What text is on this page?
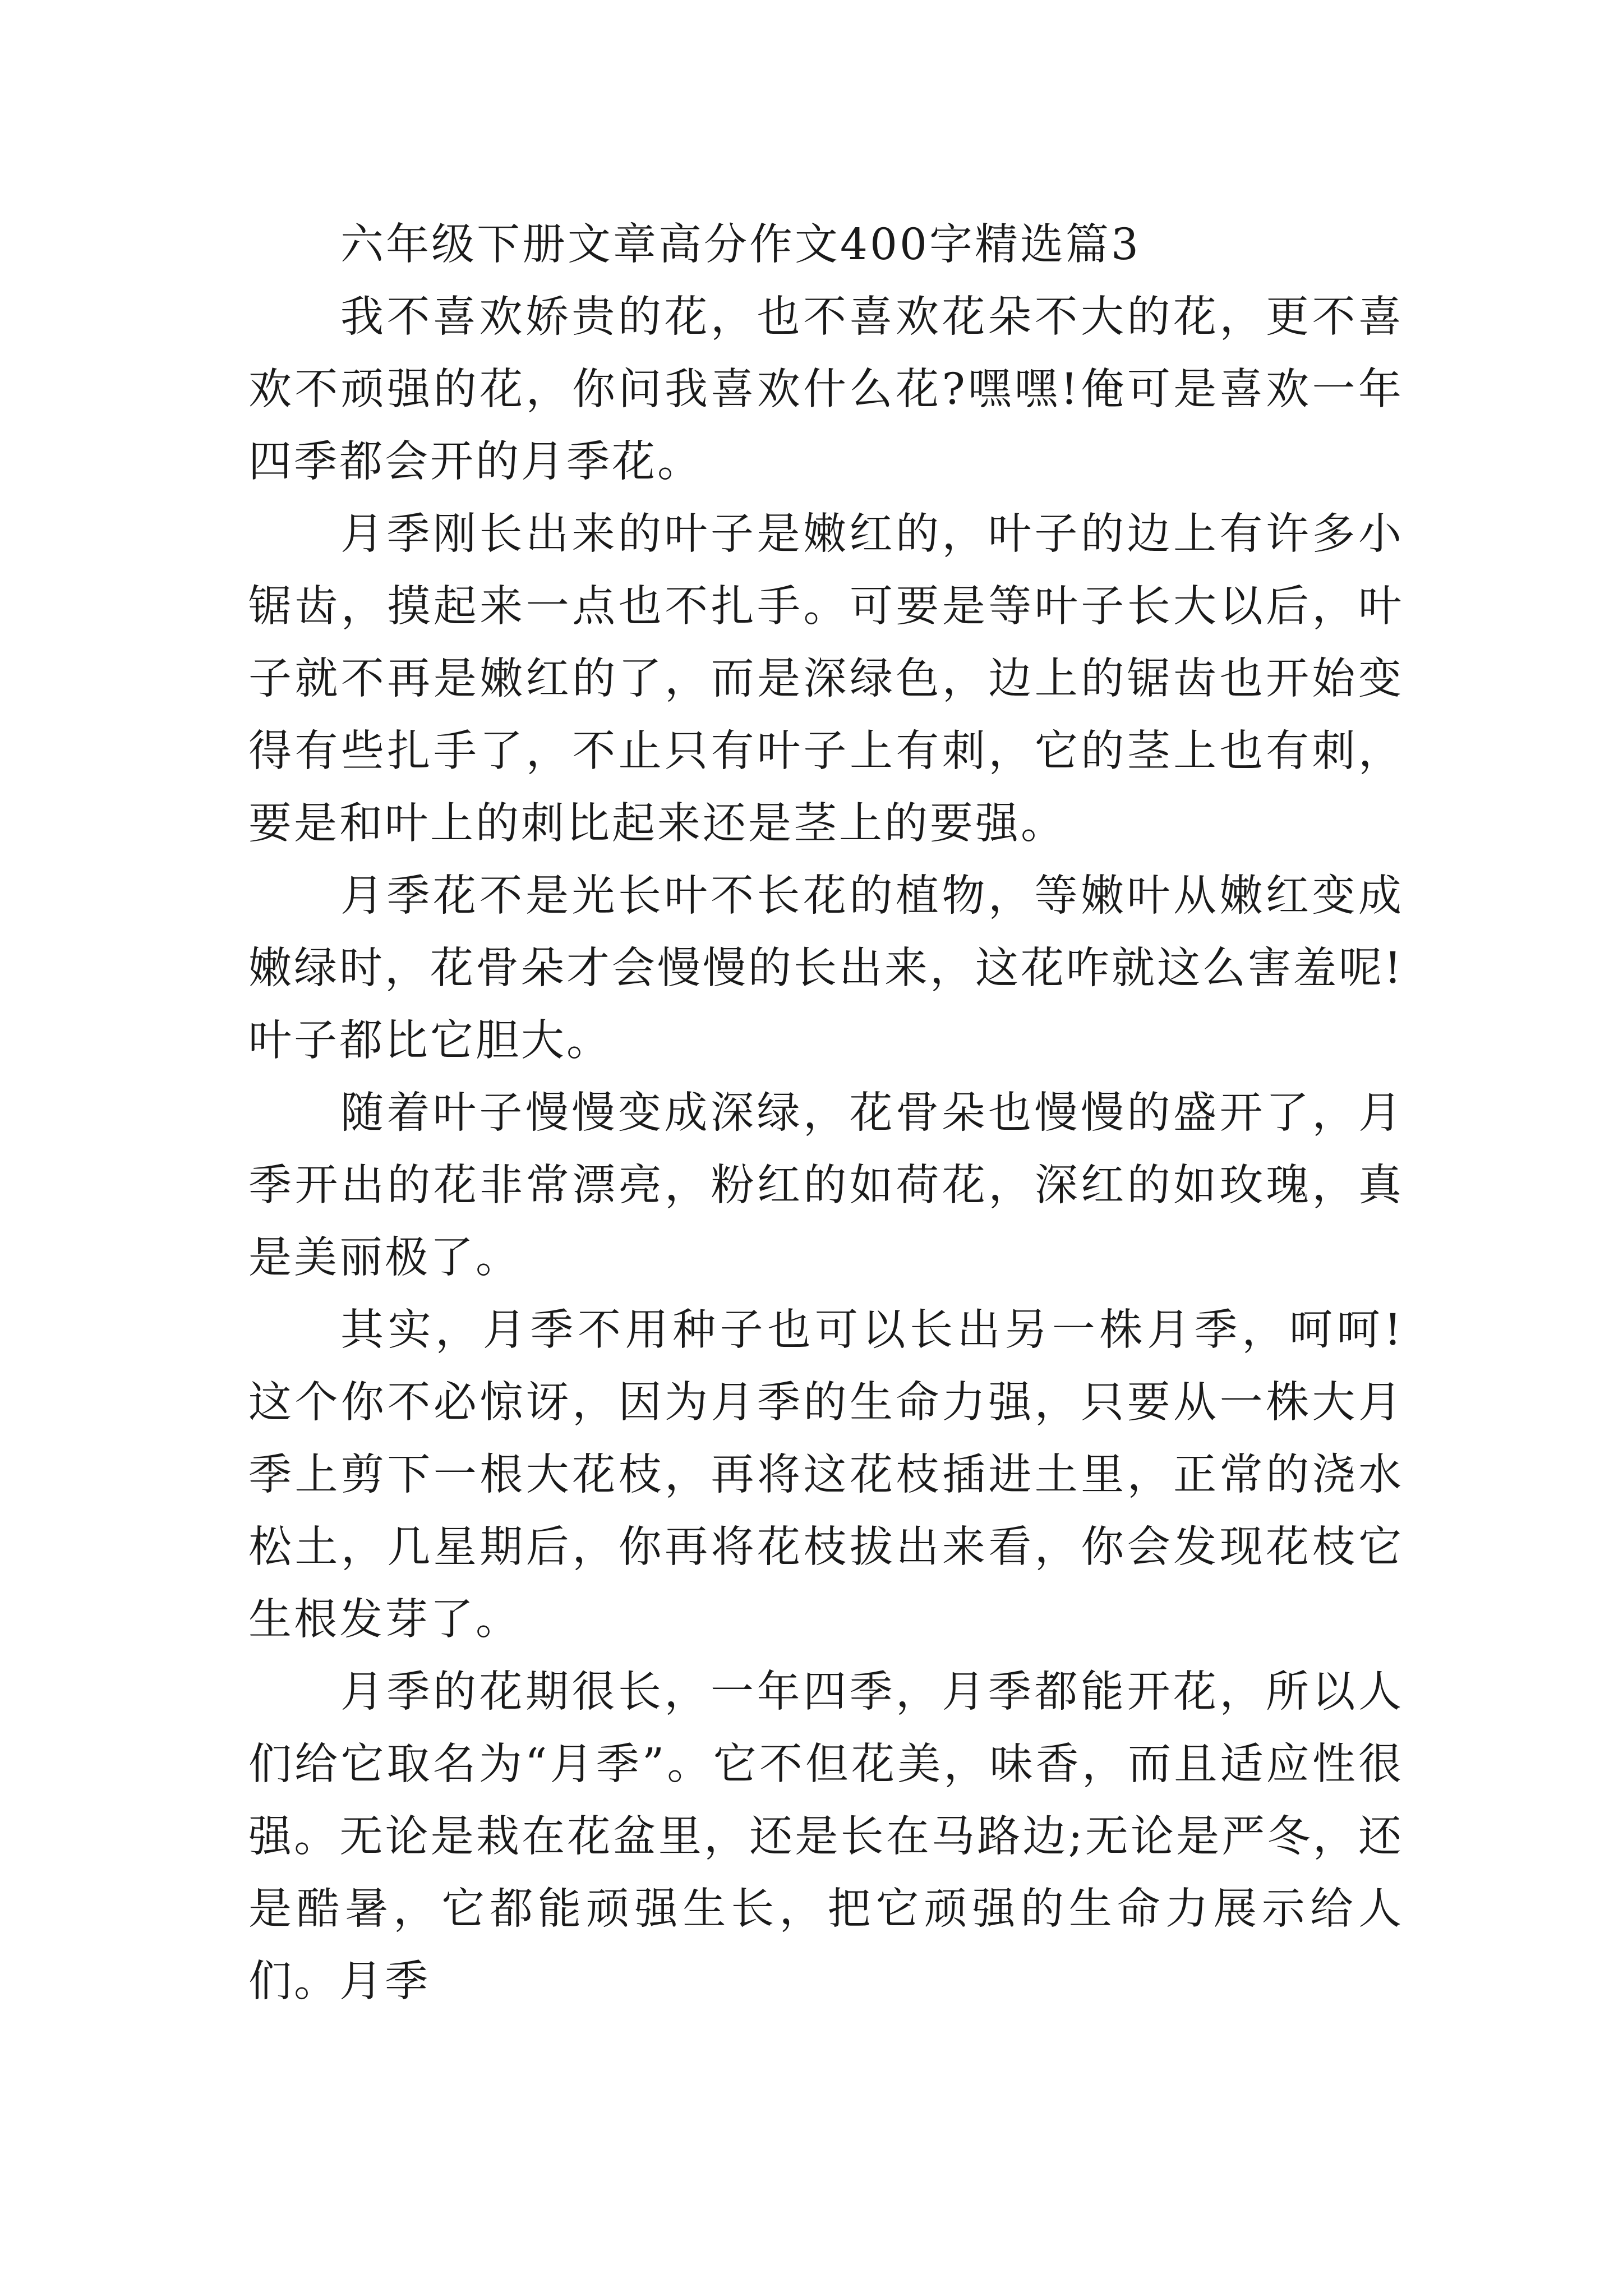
六年级下册文章高分作文400字精选篇3

我不喜欢娇贵的花，也不喜欢花朵不大的花，更不喜欢不顽强的花，你问我喜欢什么花?嘿嘿!俺可是喜欢一年四季都会开的月季花。

月季刚长出来的叶子是嫩红的，叶子的边上有许多小锯齿，摸起来一点也不扎手。可要是等叶子长大以后，叶子就不再是嫩红的了，而是深绿色，边上的锯齿也开始变得有些扎手了，不止只有叶子上有刺，它的茎上也有刺，要是和叶上的刺比起来还是茎上的要强。

月季花不是光长叶不长花的植物，等嫩叶从嫩红变成嫩绿时，花骨朵才会慢慢的长出来，这花咋就这么害羞呢!叶子都比它胆大。

随着叶子慢慢变成深绿，花骨朵也慢慢的盛开了，月季开出的花非常漂亮，粉红的如荷花，深红的如玫瑰，真是美丽极了。

其实，月季不用种子也可以长出另一株月季，呵呵!这个你不必惊讶，因为月季的生命力强，只要从一株大月季上剪下一根大花枝，再将这花枝插进土里，正常的浇水松土，几星期后，你再将花枝拔出来看，你会发现花枝它生根发芽了。

月季的花期很长，一年四季，月季都能开花，所以人们给它取名为“月季”。它不但花美，味香，而且适应性很强。无论是栽在花盆里，还是长在马路边;无论是严冬，还是酷暑，它都能顽强生长，把它顽强的生命力展示给人们。月季
